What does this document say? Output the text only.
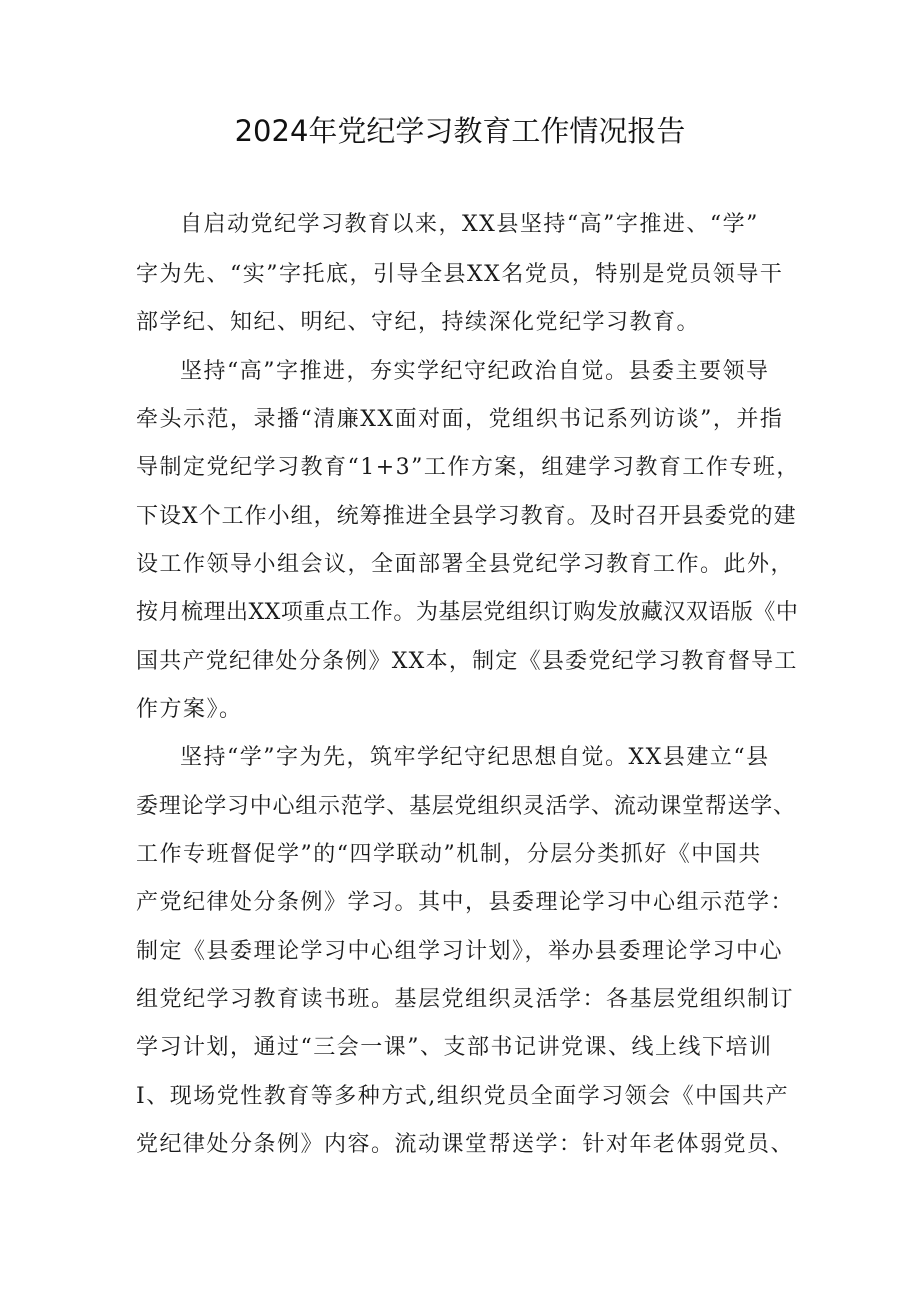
2024年党纪学习教育工作情况报告
自启动党纪学习教育以来，XX县坚持“高”字推进、“学”
字为先、“实”字托底，引导全县XX名党员，特别是党员领导干
部学纪、知纪、明纪、守纪，持续深化党纪学习教育。
坚持“高”字推进，夯实学纪守纪政治自觉。县委主要领导
牵头示范，录播“清廉XX面对面，党组织书记系列访谈”，并指
导制定党纪学习教育“1+3”工作方案，组建学习教育工作专班，
下设X个工作小组，统筹推进全县学习教育。及时召开县委党的建
设工作领导小组会议，全面部署全县党纪学习教育工作。此外，
按月梳理出XX项重点工作。为基层党组织订购发放藏汉双语版《中
国共产党纪律处分条例》XX本，制定《县委党纪学习教育督导工
作方案》。
坚持“学”字为先，筑牢学纪守纪思想自觉。XX县建立“县
委理论学习中心组示范学、基层党组织灵活学、流动课堂帮送学、
工作专班督促学”的“四学联动”机制，分层分类抓好《中国共
产党纪律处分条例》学习。其中，县委理论学习中心组示范学：
制定《县委理论学习中心组学习计划》，举办县委理论学习中心
组党纪学习教育读书班。基层党组织灵活学：各基层党组织制订
学习计划，通过“三会一课”、支部书记讲党课、线上线下培训
I、现场党性教育等多种方式,组织党员全面学习领会《中国共产
党纪律处分条例》内容。流动课堂帮送学：针对年老体弱党员、
